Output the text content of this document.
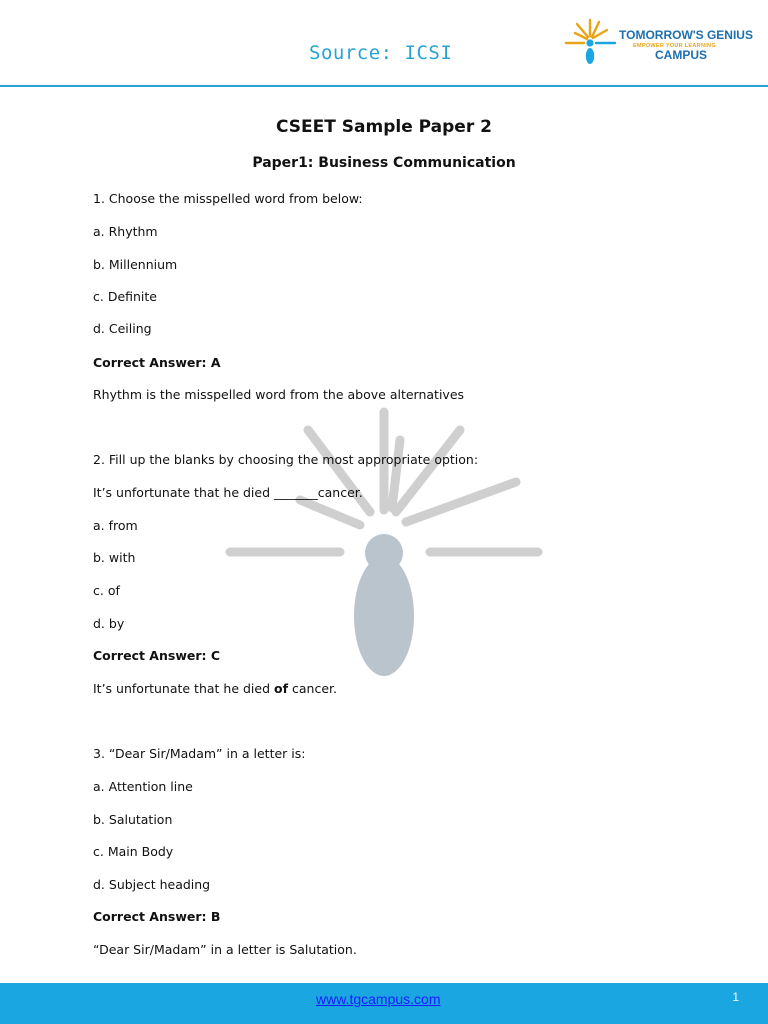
Source: ICSI
TOMORROW'S GENIUS
EMPOWER YOUR LEARNING
CAMPUS
CSEET Sample Paper 2
Paper1: Business Communication
1. Choose the misspelled word from below:
a. Rhythm
b. Millennium
c. Definite
d. Ceiling
Correct Answer: A
Rhythm is the misspelled word from the above alternatives
2. Fill up the blanks by choosing the most appropriate option:
It’s unfortunate that he died _______cancer.
a. from
b. with
c. of
d. by
Correct Answer: C
It’s unfortunate that he died of cancer.
3. “Dear Sir/Madam” in a letter is:
a. Attention line
b. Salutation
c. Main Body
d. Subject heading
Correct Answer: B
“Dear Sir/Madam” in a letter is Salutation.
www.tgcampus.com	1
